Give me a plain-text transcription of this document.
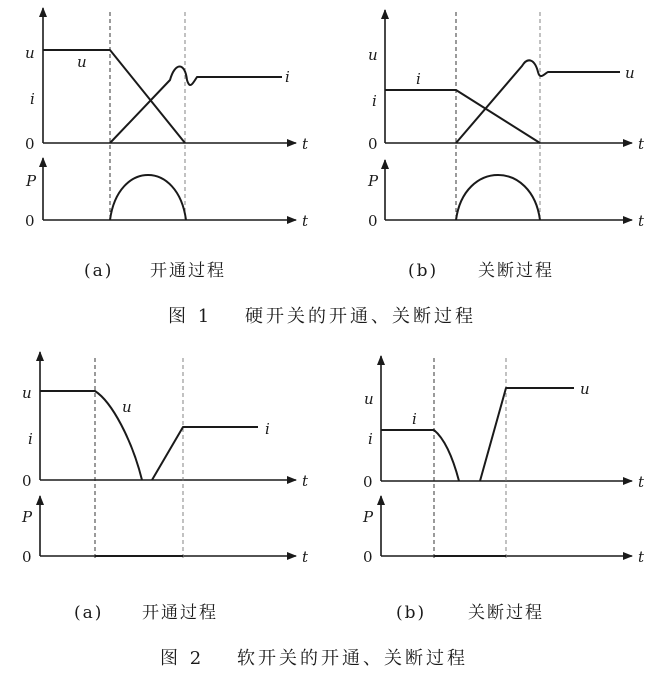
u
i
0	t
u
i
P
0	t
(a) 开通过程
u
i
0	t
i	u
P
0	t
(b) 关断过程
图 1 硬开关的开通、关断过程
u
i
0	t
u
i
P
0	t
(a) 开通过程
u
i
0	t
i
u
P
0	t
(b) 关断过程
图 2 软开关的开通、关断过程
